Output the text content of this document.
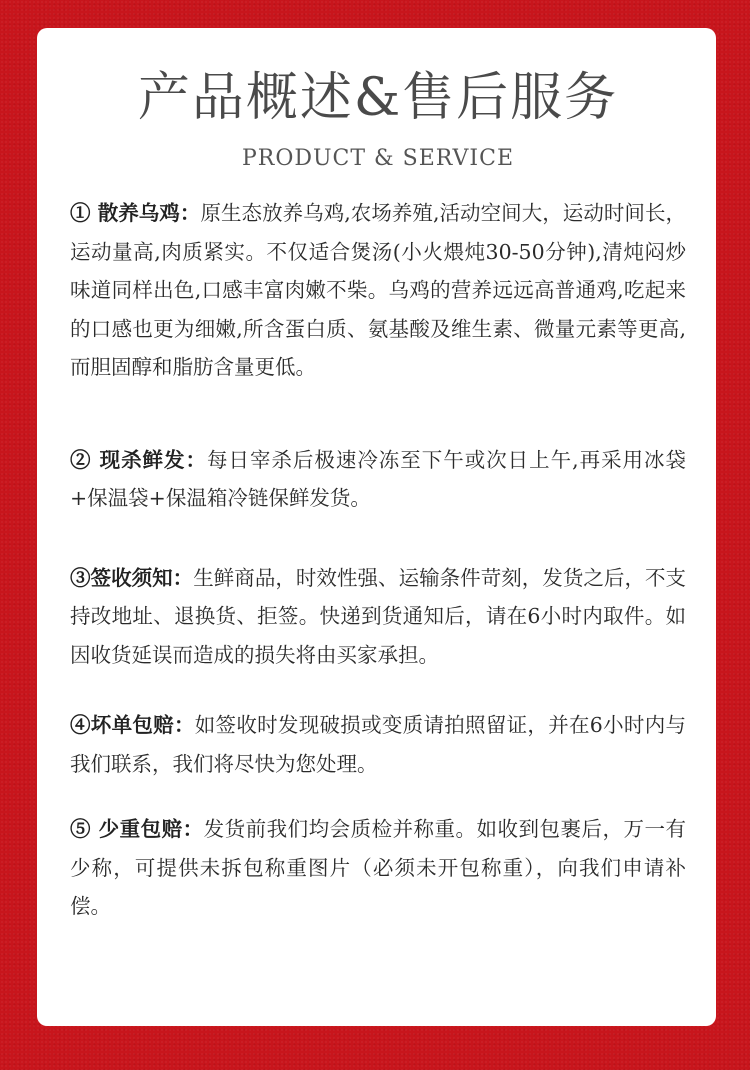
产品概述&售后服务
PRODUCT & SERVICE

① 散养乌鸡：原生态放养乌鸡,农场养殖,活动空间大，运动时间长，运动量高,肉质紧实。不仅适合煲汤(小火煨炖30-50分钟),清炖闷炒味道同样出色,口感丰富肉嫩不柴。乌鸡的营养远远高普通鸡,吃起来的口感也更为细嫩,所含蛋白质、氨基酸及维生素、微量元素等更高,而胆固醇和脂肪含量更低。

② 现杀鲜发：每日宰杀后极速冷冻至下午或次日上午,再采用冰袋+保温袋+保温箱冷链保鲜发货。

③签收须知：生鲜商品，时效性强、运输条件苛刻，发货之后，不支持改地址、退换货、拒签。快递到货通知后，请在6小时内取件。如因收货延误而造成的损失将由买家承担。

④坏单包赔：如签收时发现破损或变质请拍照留证，并在6小时内与我们联系，我们将尽快为您处理。

⑤ 少重包赔：发货前我们均会质检并称重。如收到包裹后，万一有少称，可提供未拆包称重图片（必须未开包称重），向我们申请补偿。
